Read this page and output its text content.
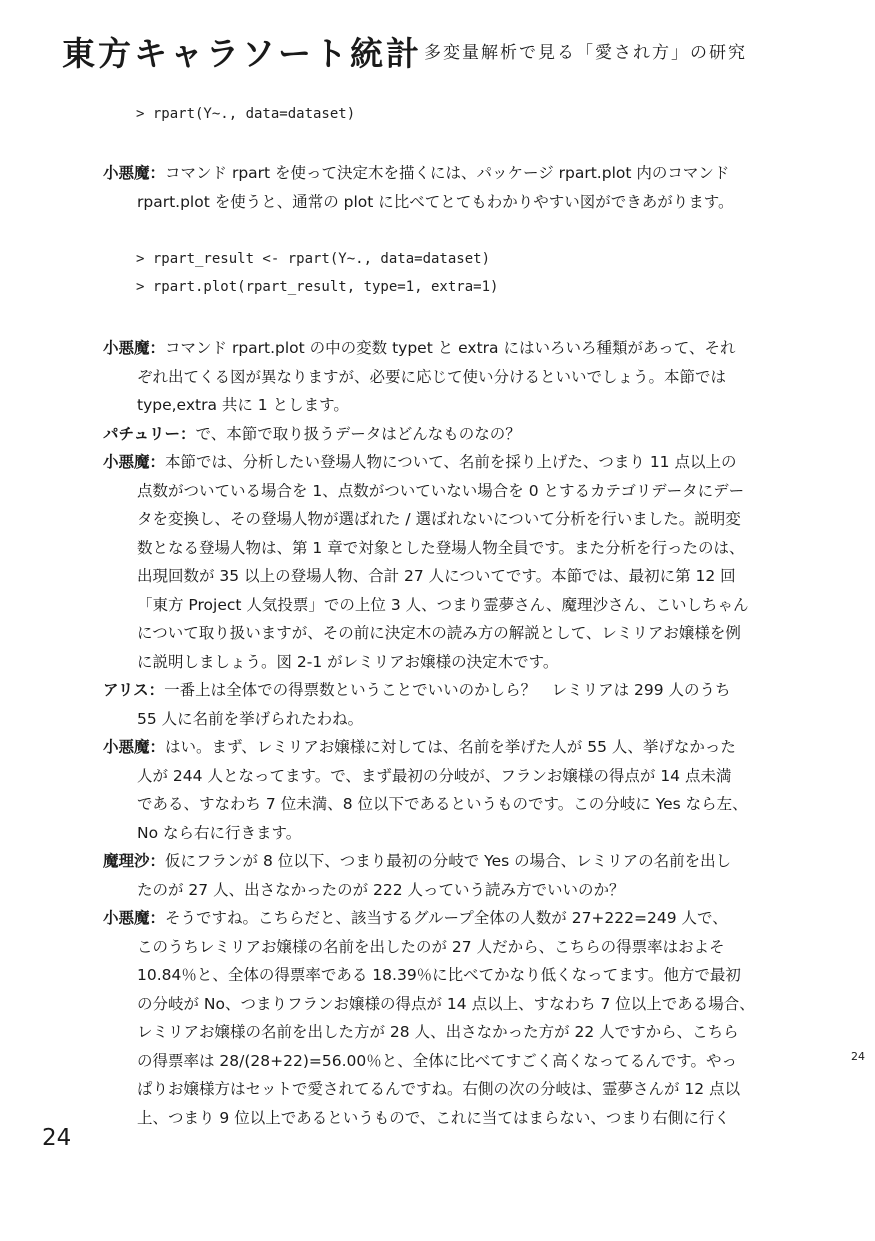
東方キャラソート統計 多変量解析で見る「愛され方」の研究
> rpart(Y~., data=dataset)
小悪魔：コマンド rpart を使って決定木を描くには、パッケージ rpart.plot 内のコマンド
rpart.plot を使うと、通常の plot に比べてとてもわかりやすい図ができあがります。
> rpart_result <- rpart(Y~., data=dataset)
> rpart.plot(rpart_result, type=1, extra=1)
小悪魔：コマンド rpart.plot の中の変数 typet と extra にはいろいろ種類があって、それ
ぞれ出てくる図が異なりますが、必要に応じて使い分けるといいでしょう。本節では
type,extra 共に 1 とします。
パチュリー：で、本節で取り扱うデータはどんなものなの？
小悪魔：本節では、分析したい登場人物について、名前を採り上げた、つまり 11 点以上の
点数がついている場合を 1、点数がついていない場合を 0 とするカテゴリデータにデー
タを変換し、その登場人物が選ばれた / 選ばれないについて分析を行いました。説明変
数となる登場人物は、第 1 章で対象とした登場人物全員です。また分析を行ったのは、
出現回数が 35 以上の登場人物、合計 27 人についてです。本節では、最初に第 12 回
「東方 Project 人気投票」での上位 3 人、つまり霊夢さん、魔理沙さん、こいしちゃん
について取り扱いますが、その前に決定木の読み方の解説として、レミリアお嬢様を例
に説明しましょう。図 2-1 がレミリアお嬢様の決定木です。
アリス：一番上は全体での得票数ということでいいのかしら？　レミリアは 299 人のうち
55 人に名前を挙げられたわね。
小悪魔：はい。まず、レミリアお嬢様に対しては、名前を挙げた人が 55 人、挙げなかった
人が 244 人となってます。で、まず最初の分岐が、フランお嬢様の得点が 14 点未満
である、すなわち 7 位未満、8 位以下であるというものです。この分岐に Yes なら左、
No なら右に行きます。
魔理沙：仮にフランが 8 位以下、つまり最初の分岐で Yes の場合、レミリアの名前を出し
たのが 27 人、出さなかったのが 222 人っていう読み方でいいのか？
小悪魔：そうですね。こちらだと、該当するグループ全体の人数が 27+222=249 人で、
このうちレミリアお嬢様の名前を出したのが 27 人だから、こちらの得票率はおよそ
10.84％と、全体の得票率である 18.39％に比べてかなり低くなってます。他方で最初
の分岐が No、つまりフランお嬢様の得点が 14 点以上、すなわち 7 位以上である場合、
レミリアお嬢様の名前を出した方が 28 人、出さなかった方が 22 人ですから、こちら
の得票率は 28/(28+22)=56.00％と、全体に比べてすごく高くなってるんです。やっ
ぱりお嬢様方はセットで愛されてるんですね。右側の次の分岐は、霊夢さんが 12 点以
上、つまり 9 位以上であるというもので、これに当てはまらない、つまり右側に行く
24
24
